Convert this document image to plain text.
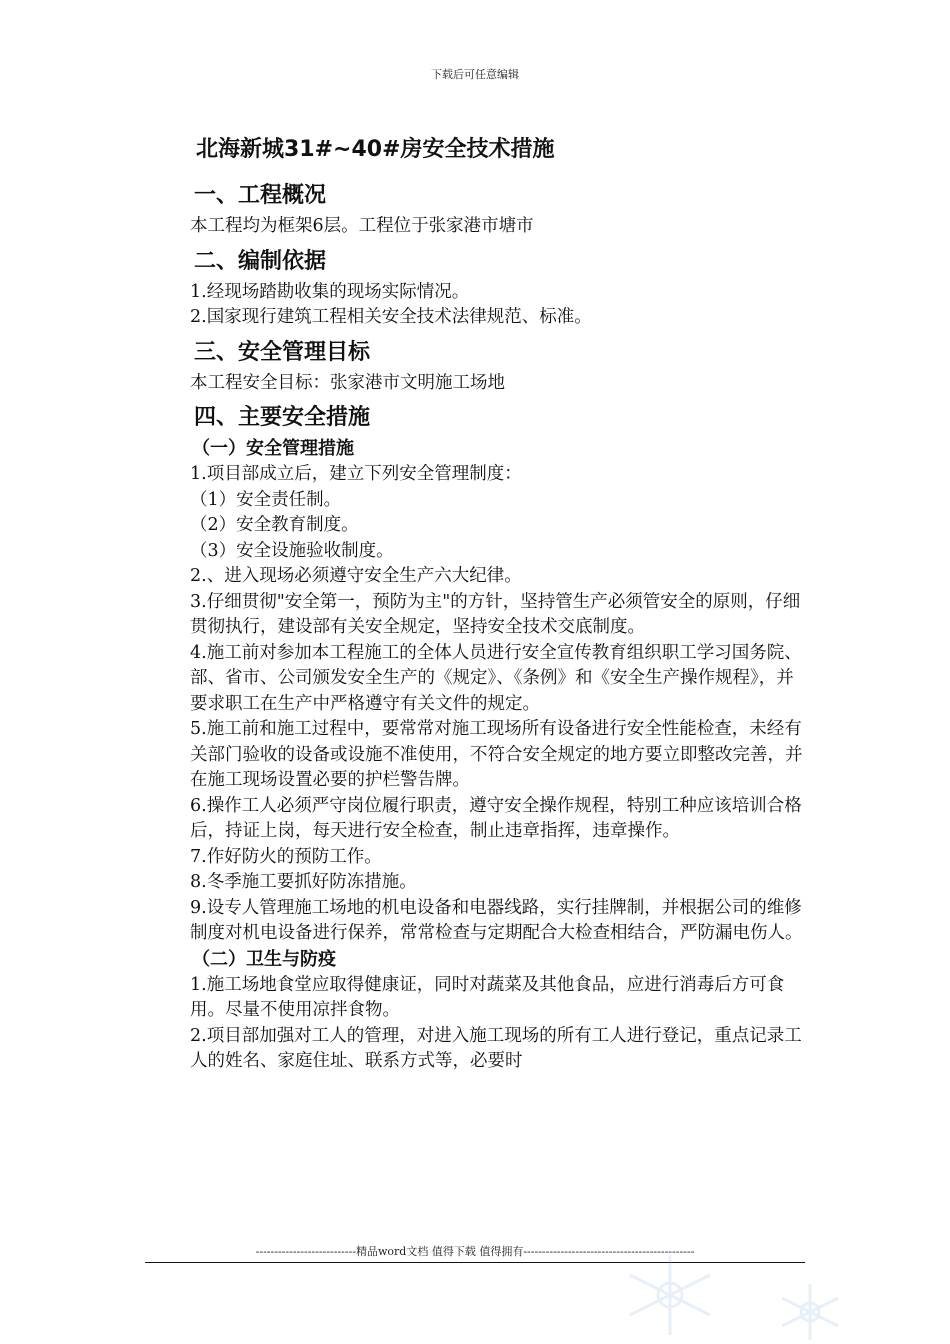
下载后可任意编辑
北海新城31#~40#房安全技术措施
一、工程概况
本工程均为框架6层。工程位于张家港市塘市
二、编制依据
1.经现场踏勘收集的现场实际情况。
2.国家现行建筑工程相关安全技术法律规范、标准。
三、安全管理目标
本工程安全目标：张家港市文明施工场地
四、主要安全措施
（一）安全管理措施
1.项目部成立后，建立下列安全管理制度：
（1）安全责任制。
（2）安全教育制度。
（3）安全设施验收制度。
2.、进入现场必须遵守安全生产六大纪律。
3.仔细贯彻"安全第一，预防为主"的方针，坚持管生产必须管安全的原则，仔细贯彻执行，建设部有关安全规定，坚持安全技术交底制度。
4.施工前对参加本工程施工的全体人员进行安全宣传教育组织职工学习国务院、部、省市、公司颁发安全生产的《规定》、《条例》和《安全生产操作规程》，并要求职工在生产中严格遵守有关文件的规定。
5.施工前和施工过程中，要常常对施工现场所有设备进行安全性能检查，未经有关部门验收的设备或设施不准使用，不符合安全规定的地方要立即整改完善，并在施工现场设置必要的护栏警告牌。
6.操作工人必须严守岗位履行职责，遵守安全操作规程，特别工种应该培训合格后，持证上岗，每天进行安全检查，制止违章指挥，违章操作。
7.作好防火的预防工作。
8.冬季施工要抓好防冻措施。
9.设专人管理施工场地的机电设备和电器线路，实行挂牌制，并根据公司的维修制度对机电设备进行保养，常常检查与定期配合大检查相结合，严防漏电伤人。
（二）卫生与防疫
1.施工场地食堂应取得健康证，同时对蔬菜及其他食品，应进行消毒后方可食用。尽量不使用凉拌食物。
2.项目部加强对工人的管理，对进入施工现场的所有工人进行登记，重点记录工人的姓名、家庭住址、联系方式等，必要时
---------------------------精品word文档 值得下载 值得拥有----------------------------------------------
